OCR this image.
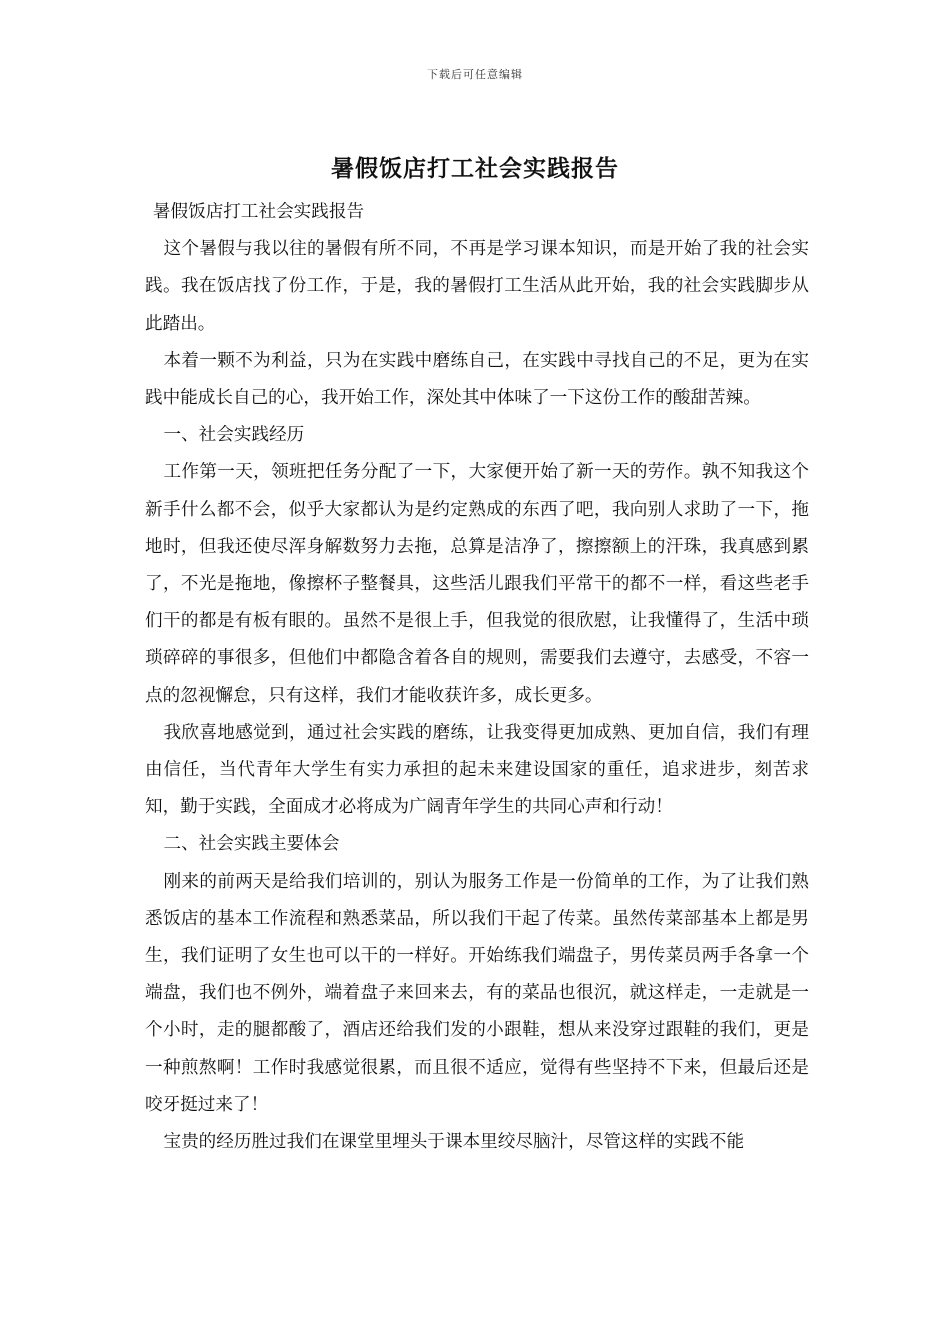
下载后可任意编辑
暑假饭店打工社会实践报告

暑假饭店打工社会实践报告

这个暑假与我以往的暑假有所不同，不再是学习课本知识，而是开始了我的社会实践。我在饭店找了份工作，于是，我的暑假打工生活从此开始，我的社会实践脚步从此踏出。

本着一颗不为利益，只为在实践中磨练自己，在实践中寻找自己的不足，更为在实践中能成长自己的心，我开始工作，深处其中体味了一下这份工作的酸甜苦辣。

一、社会实践经历

工作第一天，领班把任务分配了一下，大家便开始了新一天的劳作。孰不知我这个新手什么都不会，似乎大家都认为是约定熟成的东西了吧，我向别人求助了一下，拖地时，但我还使尽浑身解数努力去拖，总算是洁净了，擦擦额上的汗珠，我真感到累了，不光是拖地，像擦杯子整餐具，这些活儿跟我们平常干的都不一样，看这些老手们干的都是有板有眼的。虽然不是很上手，但我觉的很欣慰，让我懂得了，生活中琐琐碎碎的事很多，但他们中都隐含着各自的规则，需要我们去遵守，去感受，不容一点的忽视懈怠，只有这样，我们才能收获许多，成长更多。

我欣喜地感觉到，通过社会实践的磨练，让我变得更加成熟、更加自信，我们有理由信任，当代青年大学生有实力承担的起未来建设国家的重任，追求进步，刻苦求知，勤于实践，全面成才必将成为广阔青年学生的共同心声和行动！

二、社会实践主要体会

刚来的前两天是给我们培训的，别认为服务工作是一份简单的工作，为了让我们熟悉饭店的基本工作流程和熟悉菜品，所以我们干起了传菜。虽然传菜部基本上都是男生，我们证明了女生也可以干的一样好。开始练我们端盘子，男传菜员两手各拿一个端盘，我们也不例外，端着盘子来回来去，有的菜品也很沉，就这样走，一走就是一个小时，走的腿都酸了，酒店还给我们发的小跟鞋，想从来没穿过跟鞋的我们，更是一种煎熬啊！工作时我感觉很累，而且很不适应，觉得有些坚持不下来，但最后还是咬牙挺过来了！

宝贵的经历胜过我们在课堂里埋头于课本里绞尽脑汁，尽管这样的实践不能
